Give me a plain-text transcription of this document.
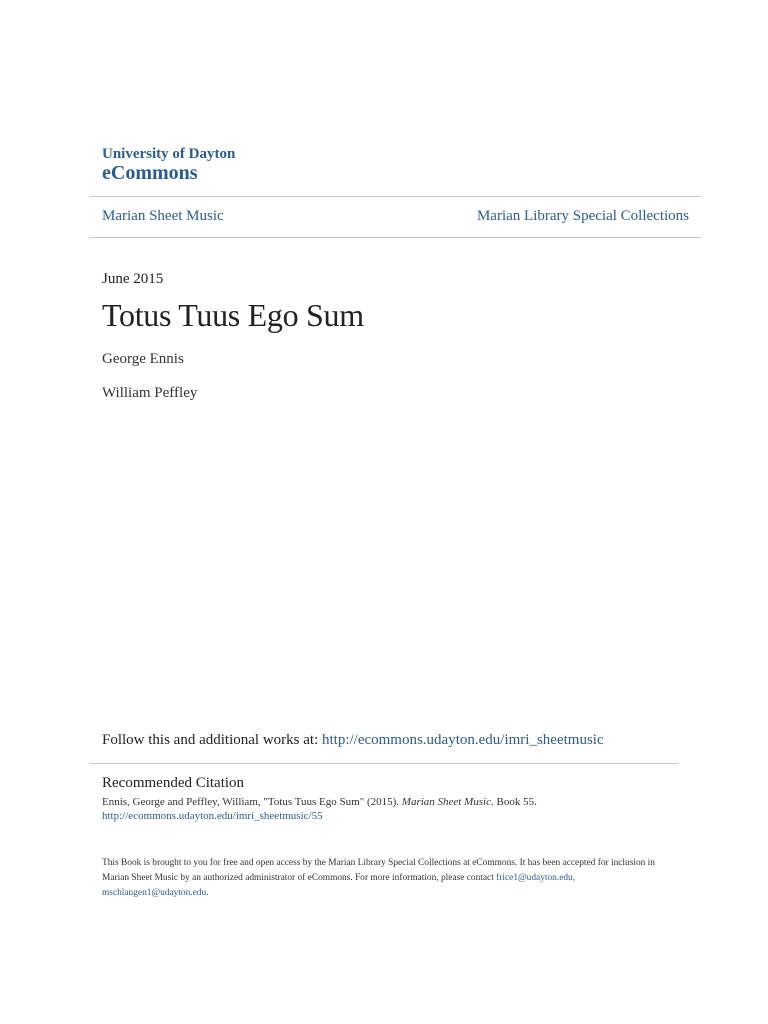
University of Dayton
eCommons
Marian Sheet Music	Marian Library Special Collections
June 2015
Totus Tuus Ego Sum
George Ennis
William Peffley
Follow this and additional works at: http://ecommons.udayton.edu/imri_sheetmusic
Recommended Citation
Ennis, George and Peffley, William, "Totus Tuus Ego Sum" (2015). Marian Sheet Music. Book 55.
http://ecommons.udayton.edu/imri_sheetmusic/55
This Book is brought to you for free and open access by the Marian Library Special Collections at eCommons. It has been accepted for inclusion in Marian Sheet Music by an authorized administrator of eCommons. For more information, please contact frice1@udayton.edu,
mschlangen1@udayton.edu.
